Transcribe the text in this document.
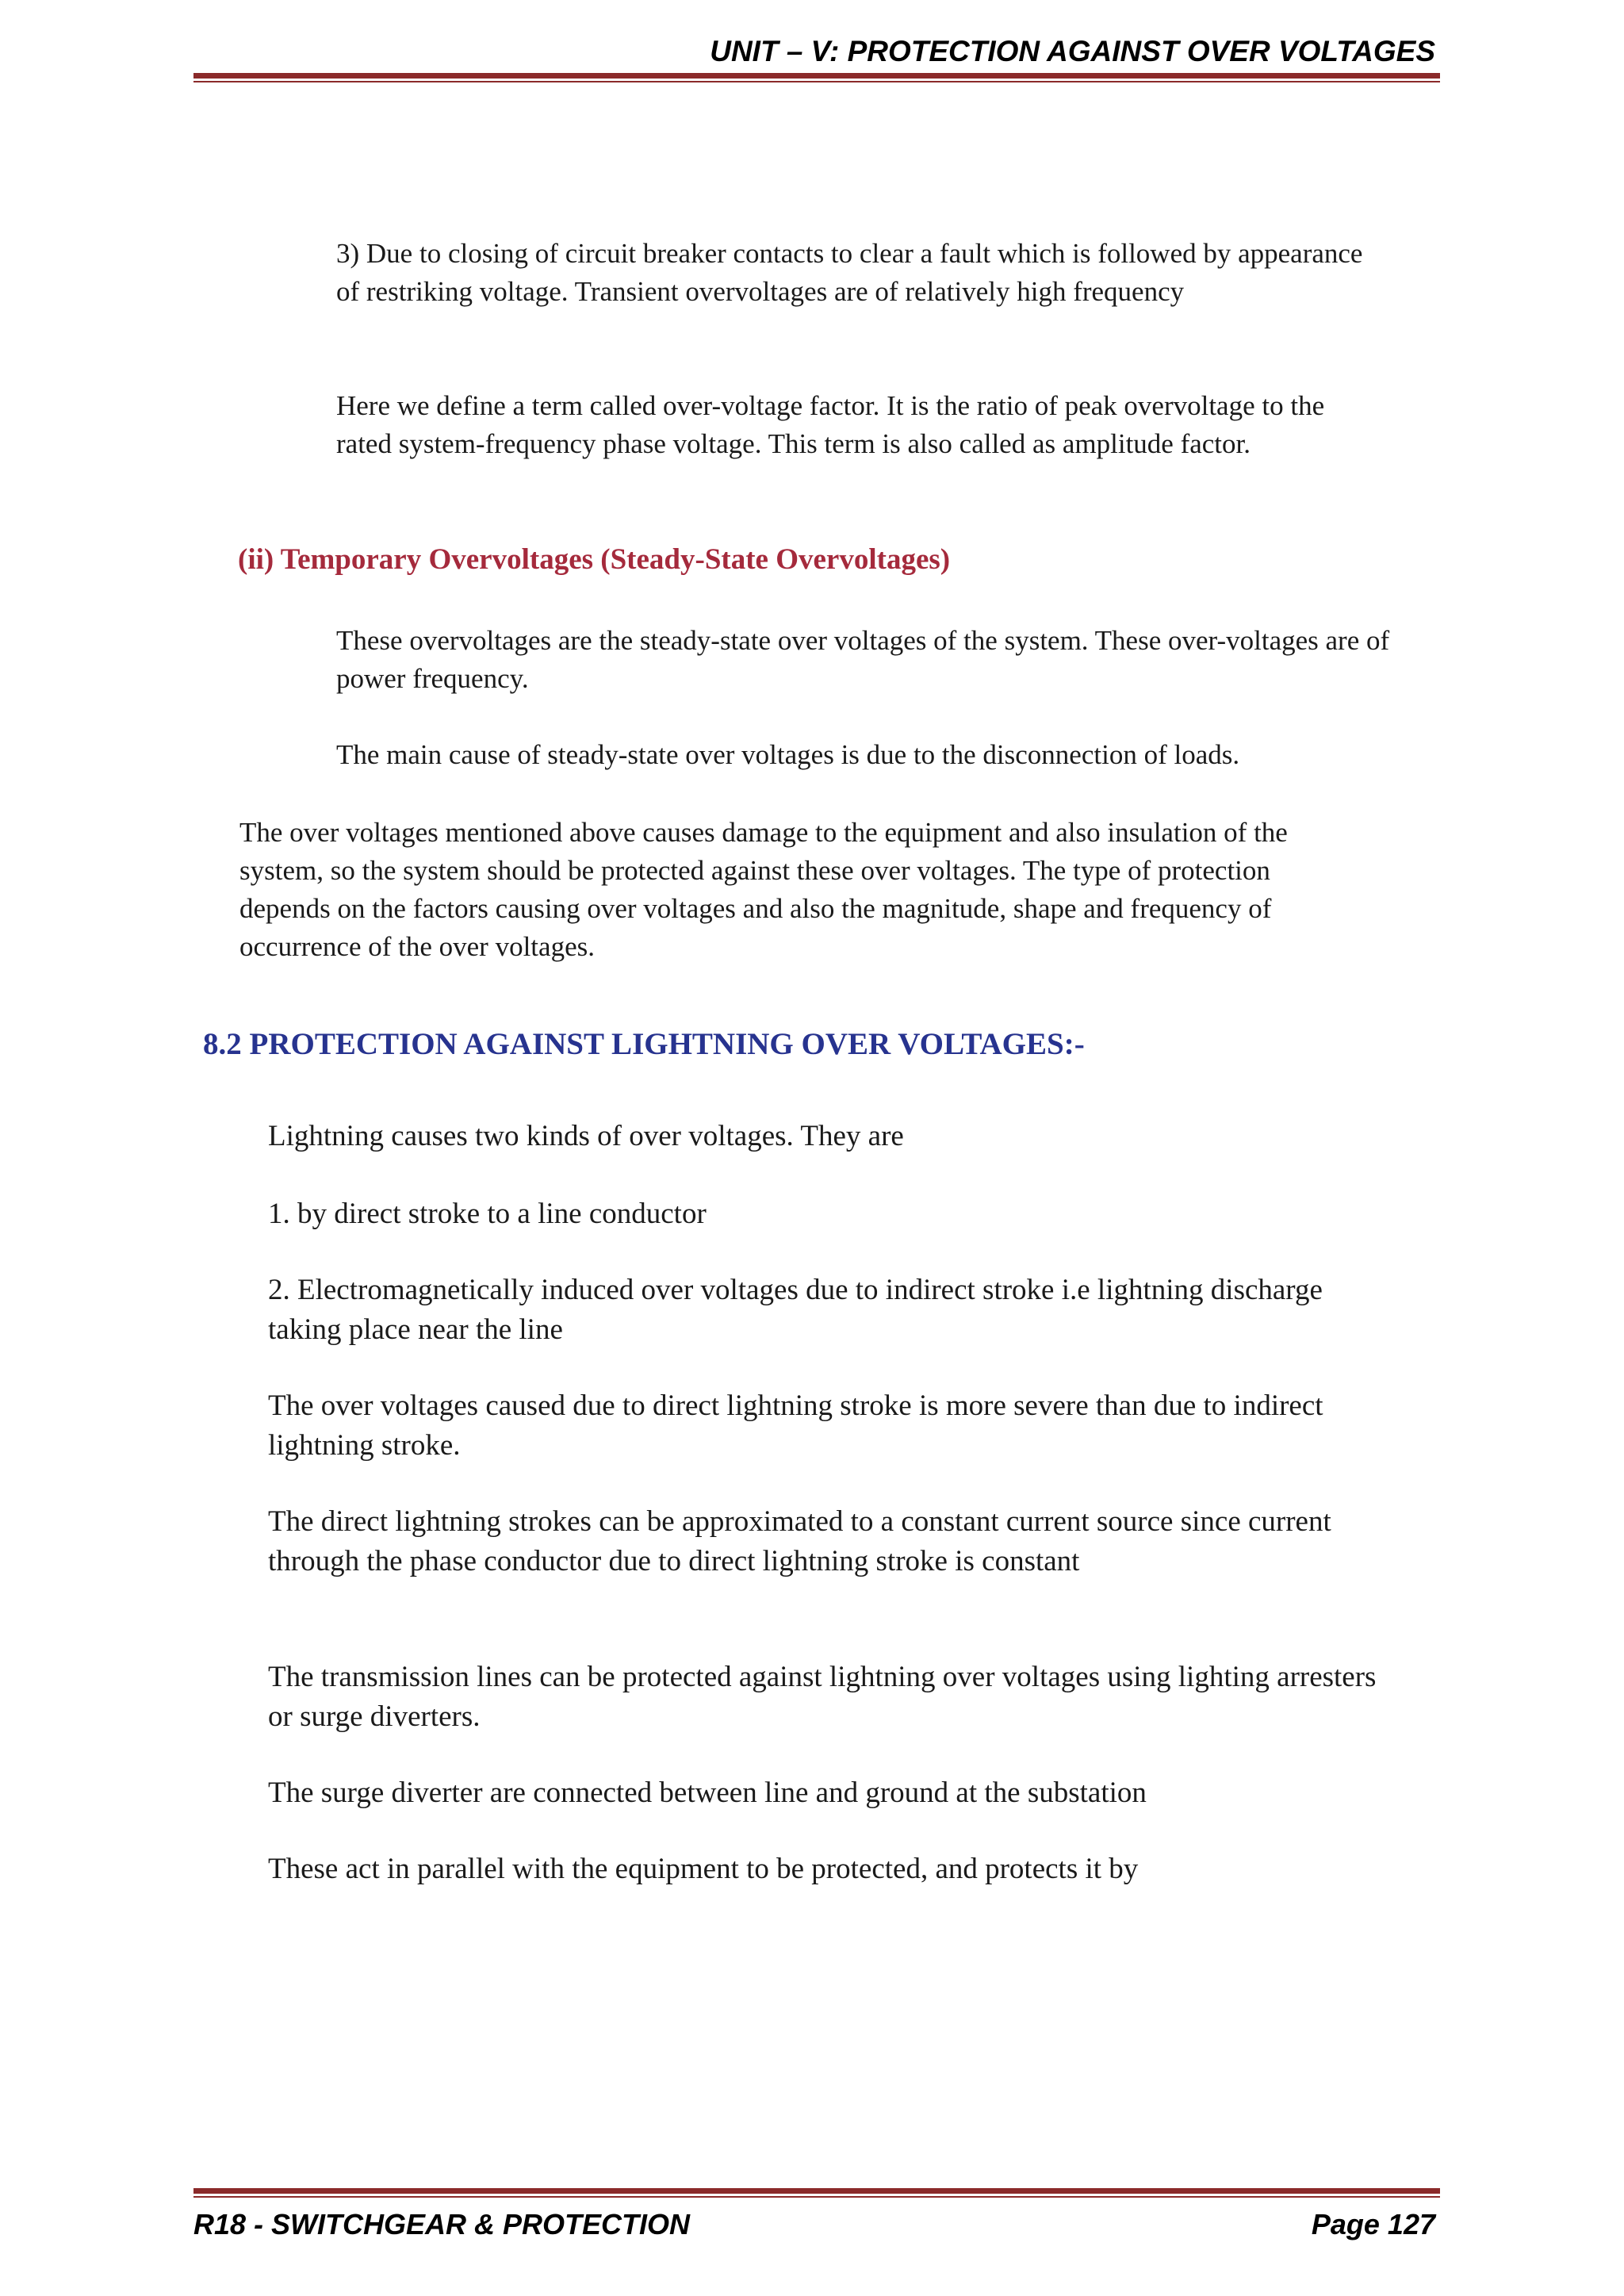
UNIT – V: PROTECTION AGAINST OVER VOLTAGES

3) Due to closing of circuit breaker contacts to clear a fault which is followed by appearance of restriking voltage. Transient overvoltages are of relatively high frequency

Here we define a term called over-voltage factor. It is the ratio of peak overvoltage to the rated system-frequency phase voltage. This term is also called as amplitude factor.

(ii) Temporary Overvoltages (Steady-State Overvoltages)

These overvoltages are the steady-state over voltages of the system. These over-voltages are of power frequency.

The main cause of steady-state over voltages is due to the disconnection of loads.

The over voltages mentioned above causes damage to the equipment and also insulation of the system, so the system should be protected against these over voltages. The type of protection depends on the factors causing over voltages and also the magnitude, shape and frequency of occurrence of the over voltages.

8.2 PROTECTION AGAINST LIGHTNING OVER VOLTAGES:-

Lightning causes two kinds of over voltages. They are

1. by direct stroke to a line conductor

2. Electromagnetically induced over voltages due to indirect stroke i.e lightning discharge taking place near the line

The over voltages caused due to direct lightning stroke is more severe than due to indirect lightning stroke.

The direct lightning strokes can be approximated to a constant current source since current through the phase conductor due to direct lightning stroke is constant

The transmission lines can be protected against lightning over voltages using lighting arresters or surge diverters.

The surge diverter are connected between line and ground at the substation

These act in parallel with the equipment to be protected, and protects it by

R18 - SWITCHGEAR & PROTECTION	Page 127
